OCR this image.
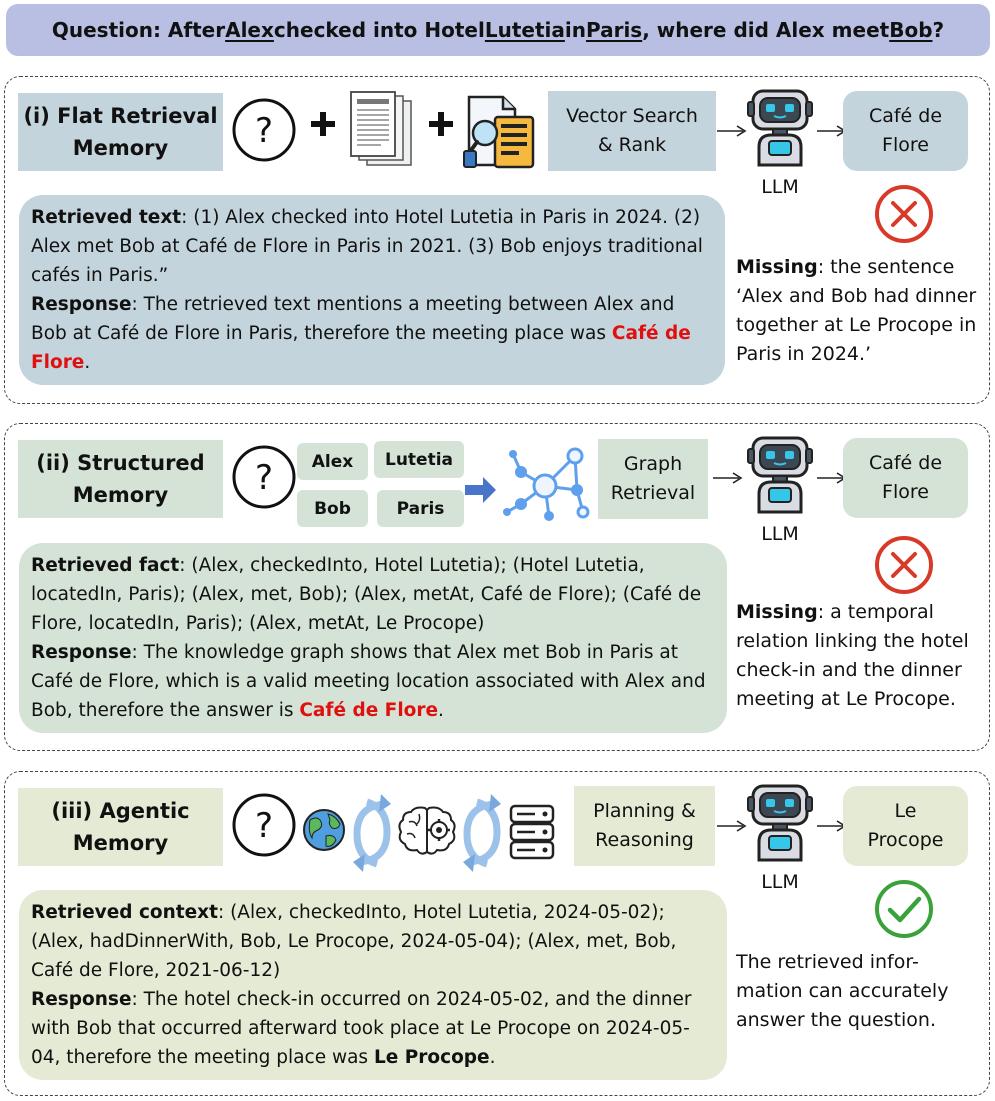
Question: After Alex checked into Hotel Lutetia in Paris , where did Alex meet Bob ?
(i) Flat Retrieval
Memory
Vector Search
& Rank
LLM
Café de
Flore
Missing: the sentence ‘Alex and Bob had dinner together at Le Procope in Paris in 2024.’

Retrieved text: (1) Alex checked into Hotel Lutetia in Paris in 2024. (2) Alex met Bob at Café de Flore in Paris in 2021. (3) Bob enjoys traditional cafés in Paris.”

Response: The retrieved text mentions a meeting between Alex and Bob at Café de Flore in Paris, therefore the meeting place was Café de Flore.

(ii) Structured
Memory
Alex	Lutetia
Bob	Paris
Graph
Retrieval
LLM
Café de
Flore
Missing: a temporal relation linking the hotel check-in and the dinner meeting at Le Procope.

Retrieved fact: (Alex, checkedInto, Hotel Lutetia); (Hotel Lutetia, locatedIn, Paris); (Alex, met, Bob); (Alex, metAt, Café de Flore); (Café de Flore, locatedIn, Paris); (Alex, metAt, Le Procope)

Response: The knowledge graph shows that Alex met Bob in Paris at Café de Flore, which is a valid meeting location associated with Alex and Bob, therefore the answer is Café de Flore.

(iii) Agentic
Memory
Planning &
Reasoning
LLM
Le
Procope
The retrieved infor-mation can accurately answer the question.

Retrieved context: (Alex, checkedInto, Hotel Lutetia, 2024-05-02); (Alex, hadDinnerWith, Bob, Le Procope, 2024-05-04); (Alex, met, Bob, Café de Flore, 2021-06-12)

Response: The hotel check-in occurred on 2024-05-02, and the dinner with Bob that occurred afterward took place at Le Procope on 2024-05-04, therefore the meeting place was Le Procope.
